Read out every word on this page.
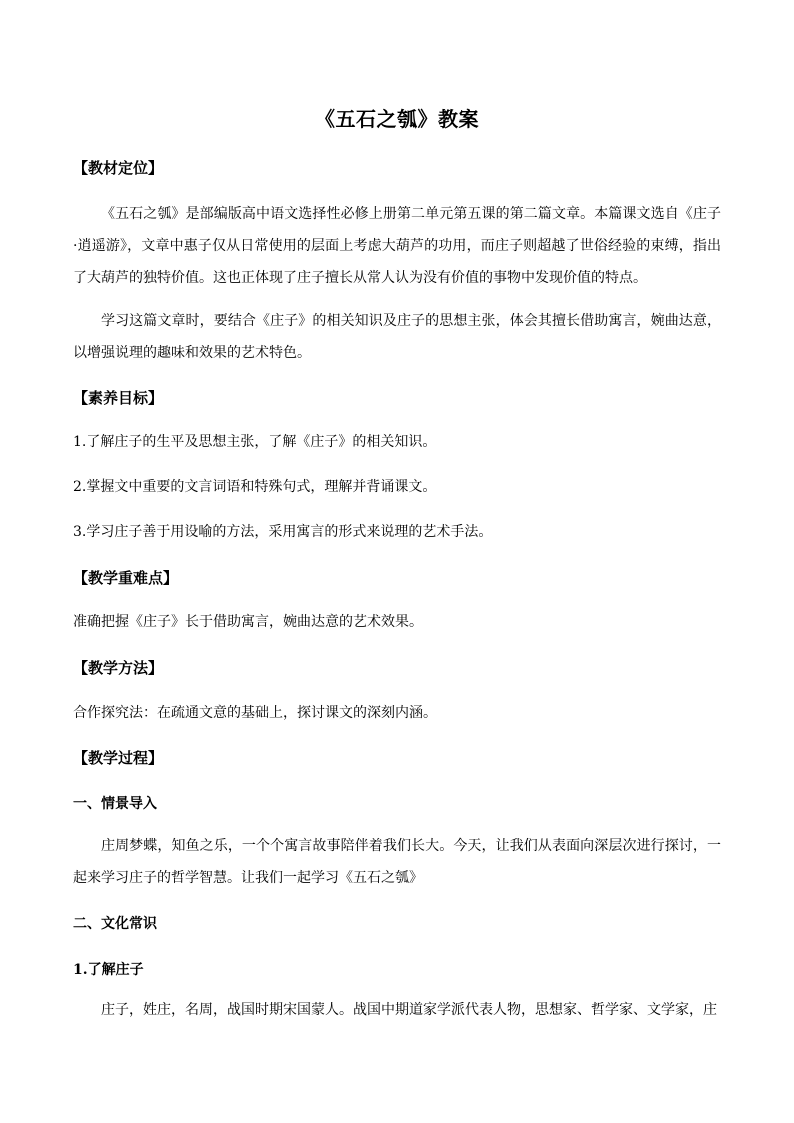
《五石之瓠》教案
【教材定位】
《五石之瓠》是部编版高中语文选择性必修上册第二单元第五课的第二篇文章。本篇课文选自《庄子·逍遥游》，文章中惠子仅从日常使用的层面上考虑大葫芦的功用，而庄子则超越了世俗经验的束缚，指出了大葫芦的独特价值。这也正体现了庄子擅长从常人认为没有价值的事物中发现价值的特点。
学习这篇文章时，要结合《庄子》的相关知识及庄子的思想主张，体会其擅长借助寓言，婉曲达意，以增强说理的趣味和效果的艺术特色。
【素养目标】
1.了解庄子的生平及思想主张，了解《庄子》的相关知识。
2.掌握文中重要的文言词语和特殊句式，理解并背诵课文。
3.学习庄子善于用设喻的方法，采用寓言的形式来说理的艺术手法。
【教学重难点】
准确把握《庄子》长于借助寓言，婉曲达意的艺术效果。
【教学方法】
合作探究法：在疏通文意的基础上，探讨课文的深刻内涵。
【教学过程】
一、情景导入
庄周梦蝶，知鱼之乐，一个个寓言故事陪伴着我们长大。今天，让我们从表面向深层次进行探讨，一起来学习庄子的哲学智慧。让我们一起学习《五石之瓠》
二、文化常识
1.了解庄子
庄子，姓庄，名周，战国时期宋国蒙人。战国中期道家学派代表人物，思想家、哲学家、文学家，庄
